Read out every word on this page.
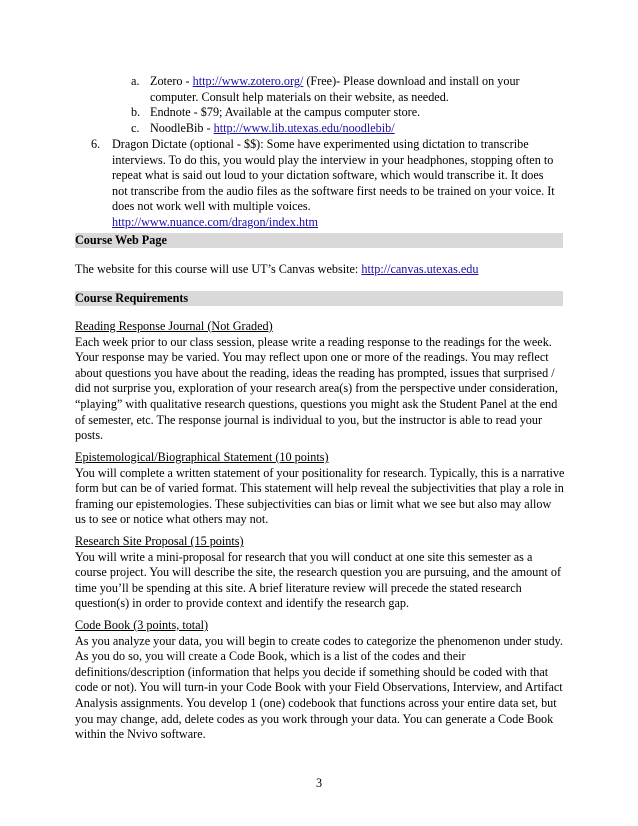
a. Zotero - http://www.zotero.org/ (Free)- Please download and install on your computer. Consult help materials on their website, as needed.
b. Endnote - $79; Available at the campus computer store.
c. NoodleBib - http://www.lib.utexas.edu/noodlebib/
6. Dragon Dictate (optional - $$): Some have experimented using dictation to transcribe interviews. To do this, you would play the interview in your headphones, stopping often to repeat what is said out loud to your dictation software, which would transcribe it. It does not transcribe from the audio files as the software first needs to be trained on your voice. It does not work well with multiple voices.
http://www.nuance.com/dragon/index.htm
Course Web Page

The website for this course will use UT’s Canvas website: http://canvas.utexas.edu

Course Requirements

Reading Response Journal (Not Graded)

Each week prior to our class session, please write a reading response to the readings for the week. Your response may be varied. You may reflect upon one or more of the readings. You may reflect about questions you have about the reading, ideas the reading has prompted, issues that surprised / did not surprise you, exploration of your research area(s) from the perspective under consideration, “playing” with qualitative research questions, questions you might ask the Student Panel at the end of semester, etc. The response journal is individual to you, but the instructor is able to read your posts.

Epistemological/Biographical Statement (10 points)

You will complete a written statement of your positionality for research. Typically, this is a narrative form but can be of varied format. This statement will help reveal the subjectivities that play a role in framing our epistemologies. These subjectivities can bias or limit what we see but also may allow us to see or notice what others may not.

Research Site Proposal (15 points)

You will write a mini-proposal for research that you will conduct at one site this semester as a course project. You will describe the site, the research question you are pursuing, and the amount of time you’ll be spending at this site. A brief literature review will precede the stated research question(s) in order to provide context and identify the research gap.

Code Book (3 points, total)

As you analyze your data, you will begin to create codes to categorize the phenomenon under study. As you do so, you will create a Code Book, which is a list of the codes and their definitions/description (information that helps you decide if something should be coded with that code or not). You will turn-in your Code Book with your Field Observations, Interview, and Artifact Analysis assignments. You develop 1 (one) codebook that functions across your entire data set, but you may change, add, delete codes as you work through your data. You can generate a Code Book within the Nvivo software.

3
